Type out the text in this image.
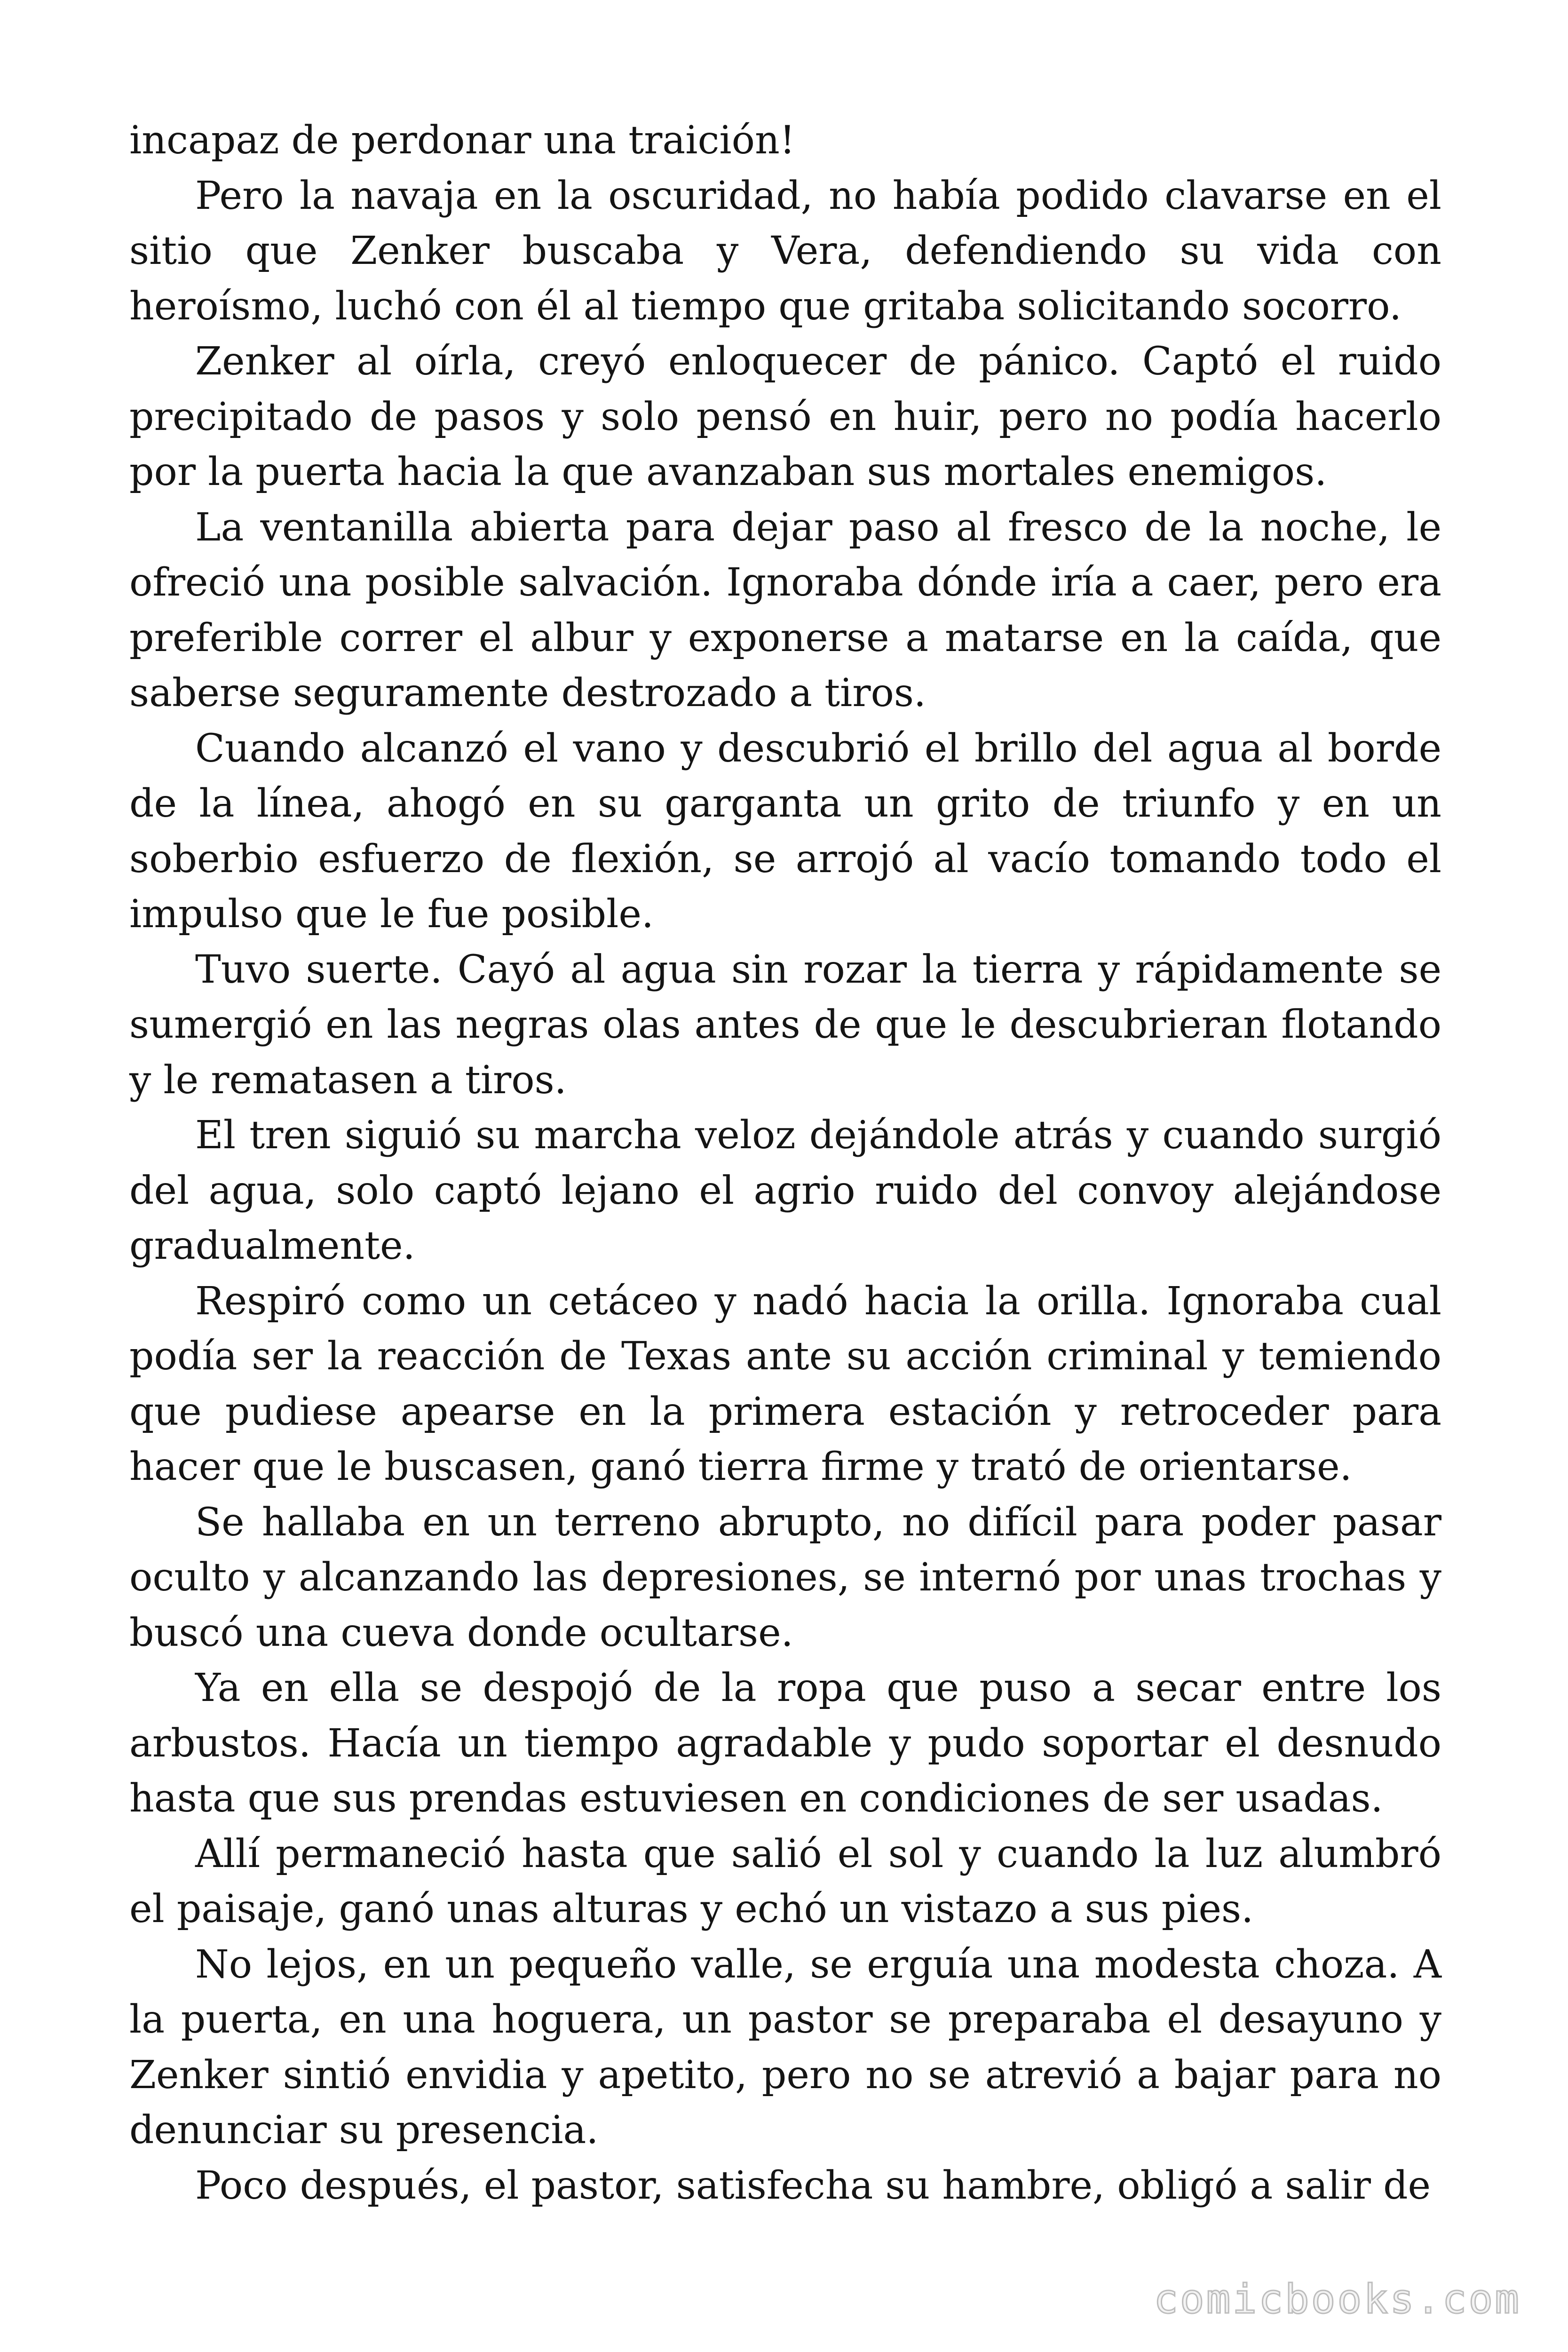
incapaz de perdonar una traición!

Pero la navaja en la oscuridad, no había podido clavarse en el sitio que Zenker buscaba y Vera, defendiendo su vida con heroísmo, luchó con él al tiempo que gritaba solicitando socorro.

Zenker al oírla, creyó enloquecer de pánico. Captó el ruido precipitado de pasos y solo pensó en huir, pero no podía hacerlo por la puerta hacia la que avanzaban sus mortales enemigos.

La ventanilla abierta para dejar paso al fresco de la noche, le ofreció una posible salvación. Ignoraba dónde iría a caer, pero era preferible correr el albur y exponerse a matarse en la caída, que saberse seguramente destrozado a tiros.

Cuando alcanzó el vano y descubrió el brillo del agua al borde de la línea, ahogó en su garganta un grito de triunfo y en un soberbio esfuerzo de flexión, se arrojó al vacío tomando todo el impulso que le fue posible.

Tuvo suerte. Cayó al agua sin rozar la tierra y rápidamente se sumergió en las negras olas antes de que le descubrieran flotando y le rematasen a tiros.

El tren siguió su marcha veloz dejándole atrás y cuando surgió del agua, solo captó lejano el agrio ruido del convoy alejándose gradualmente.

Respiró como un cetáceo y nadó hacia la orilla. Ignoraba cual podía ser la reacción de Texas ante su acción criminal y temiendo que pudiese apearse en la primera estación y retroceder para hacer que le buscasen, ganó tierra firme y trató de orientarse.

Se hallaba en un terreno abrupto, no difícil para poder pasar oculto y alcanzando las depresiones, se internó por unas trochas y buscó una cueva donde ocultarse.

Ya en ella se despojó de la ropa que puso a secar entre los arbustos. Hacía un tiempo agradable y pudo soportar el desnudo hasta que sus prendas estuviesen en condiciones de ser usadas.

Allí permaneció hasta que salió el sol y cuando la luz alumbró el paisaje, ganó unas alturas y echó un vistazo a sus pies.

No lejos, en un pequeño valle, se erguía una modesta choza. A la puerta, en una hoguera, un pastor se preparaba el desayuno y Zenker sintió envidia y apetito, pero no se atrevió a bajar para no denunciar su presencia.

Poco después, el pastor, satisfecha su hambre, obligó a salir de

comicbooks.com
